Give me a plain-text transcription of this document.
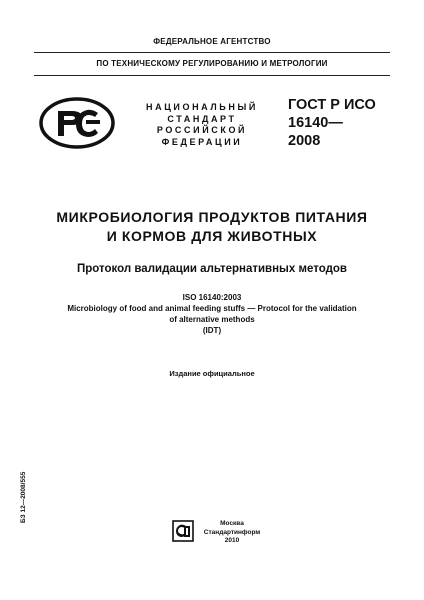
ФЕДЕРАЛЬНОЕ АГЕНТСТВО
ПО ТЕХНИЧЕСКОМУ РЕГУЛИРОВАНИЮ И МЕТРОЛОГИИ
НАЦИОНАЛЬНЫЙ
СТАНДАРТ
РОССИЙСКОЙ
ФЕДЕРАЦИИ
ГОСТ Р ИСО
16140—
2008
МИКРОБИОЛОГИЯ ПРОДУКТОВ ПИТАНИЯ
И КОРМОВ ДЛЯ ЖИВОТНЫХ
Протокол валидации альтернативных методов
ISO 16140:2003
Microbiology of food and animal feeding stuffs — Protocol for the validation
of alternative methods
(IDT)
Издание официальное
БЗ 12—2008/555
Москва
Стандартинформ
2010
